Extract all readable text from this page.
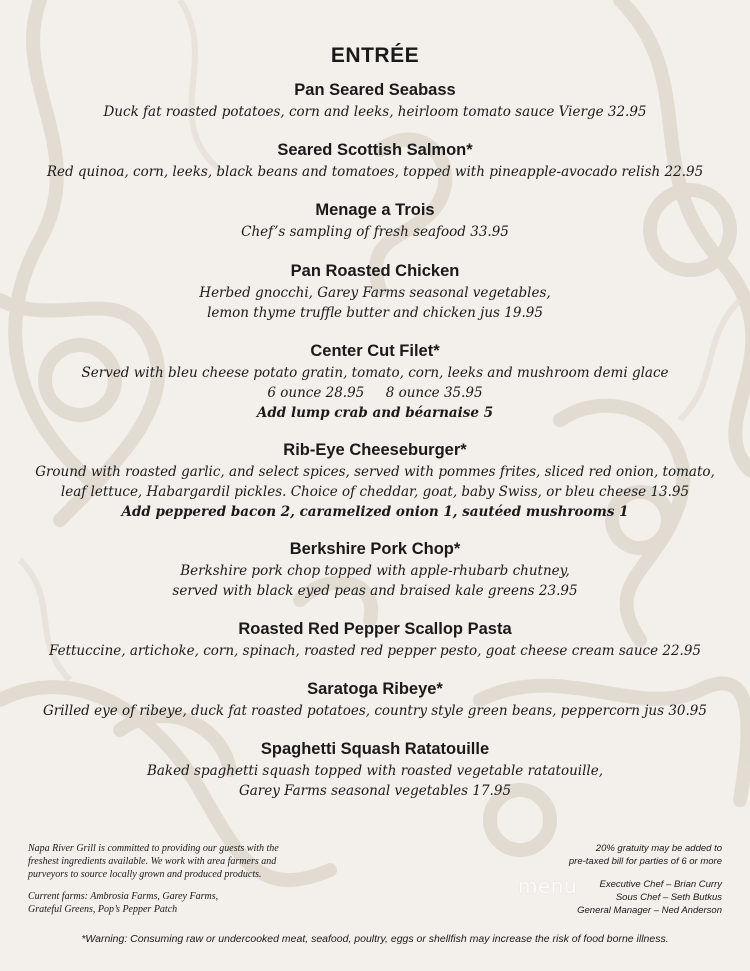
ENTRÉE
Pan Seared Seabass
Duck fat roasted potatoes, corn and leeks, heirloom tomato sauce Vierge 32.95
Seared Scottish Salmon*
Red quinoa, corn, leeks, black beans and tomatoes, topped with pineapple-avocado relish 22.95
Menage a Trois
Chef’s sampling of fresh seafood 33.95
Pan Roasted Chicken
Herbed gnocchi, Garey Farms seasonal vegetables,
lemon thyme truffle butter and chicken jus 19.95
Center Cut Filet*
Served with bleu cheese potato gratin, tomato, corn, leeks and mushroom demi glace
6 ounce 28.95     8 ounce 35.95
Add lump crab and béarnaise 5
Rib-Eye Cheeseburger*
Ground with roasted garlic, and select spices, served with pommes frites, sliced red onion, tomato,
leaf lettuce, Habargardil pickles. Choice of cheddar, goat, baby Swiss, or bleu cheese 13.95
Add peppered bacon 2, caramelized onion 1, sautéed mushrooms 1
Berkshire Pork Chop*
Berkshire pork chop topped with apple-rhubarb chutney,
served with black eyed peas and braised kale greens 23.95
Roasted Red Pepper Scallop Pasta
Fettuccine, artichoke, corn, spinach, roasted red pepper pesto, goat cheese cream sauce 22.95
Saratoga Ribeye*
Grilled eye of ribeye, duck fat roasted potatoes, country style green beans, peppercorn jus 30.95
Spaghetti Squash Ratatouille
Baked spaghetti squash topped with roasted vegetable ratatouille,
Garey Farms seasonal vegetables 17.95

Napa River Grill is committed to providing our guests with the
freshest ingredients available. We work with area farmers and
purveyors to source locally grown and produced products.

Current farms: Ambrosia Farms, Garey Farms,
Grateful Greens, Pop’s Pepper Patch

menu

20% gratuity may be added to

pre-taxed bill for parties of 6 or more

Executive Chef – Brian Curry

Sous Chef – Seth Butkus

General Manager – Ned Anderson

*Warning: Consuming raw or undercooked meat, seafood, poultry, eggs or shellfish may increase the risk of food borne illness.
